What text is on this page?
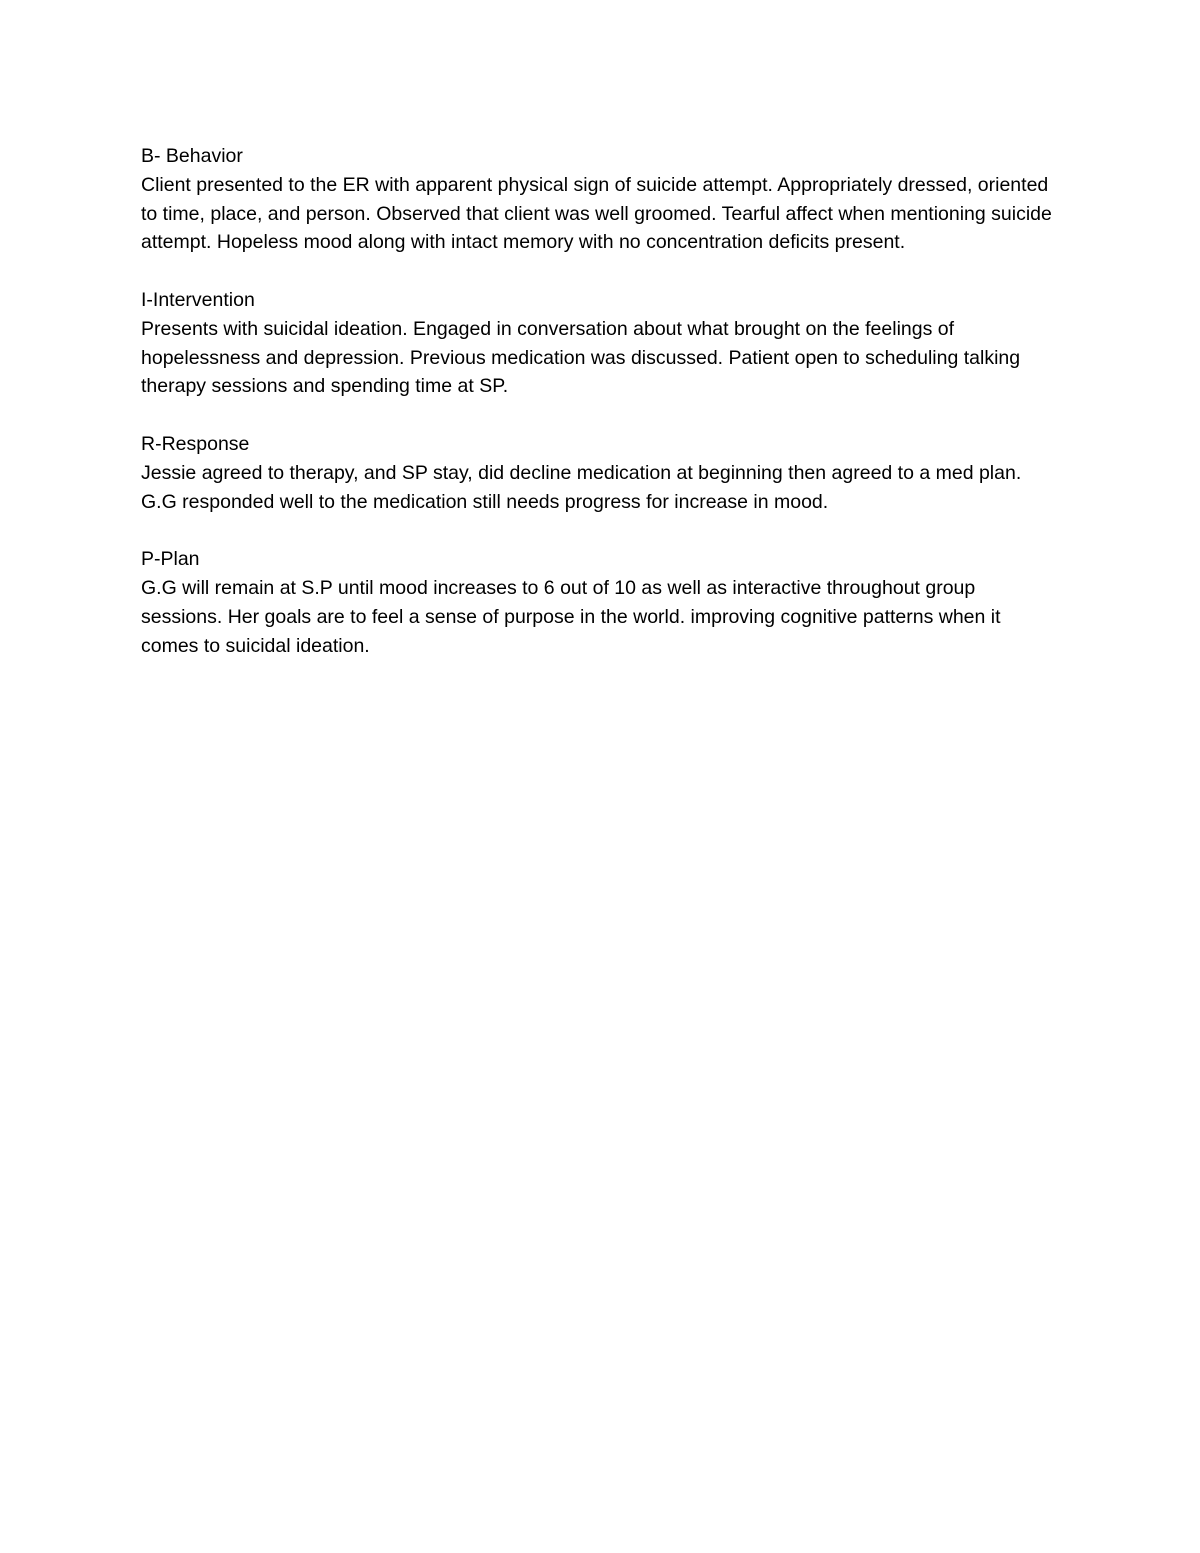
B- Behavior

Client presented to the ER with apparent physical sign of suicide attempt. Appropriately dressed, oriented to time, place, and person. Observed that client was well groomed. Tearful affect when mentioning suicide attempt. Hopeless mood along with intact memory with no concentration deficits present.

I-Intervention

Presents with suicidal ideation. Engaged in conversation about what brought on the feelings of hopelessness and depression. Previous medication was discussed. Patient open to scheduling talking therapy sessions and spending time at SP.

R-Response

Jessie agreed to therapy, and SP stay, did decline medication at beginning then agreed to a med plan. G.G responded well to the medication still needs progress for increase in mood.

P-Plan

G.G will remain at S.P until mood increases to 6 out of 10 as well as interactive throughout group sessions. Her goals are to feel a sense of purpose in the world. improving cognitive patterns when it comes to suicidal ideation.
